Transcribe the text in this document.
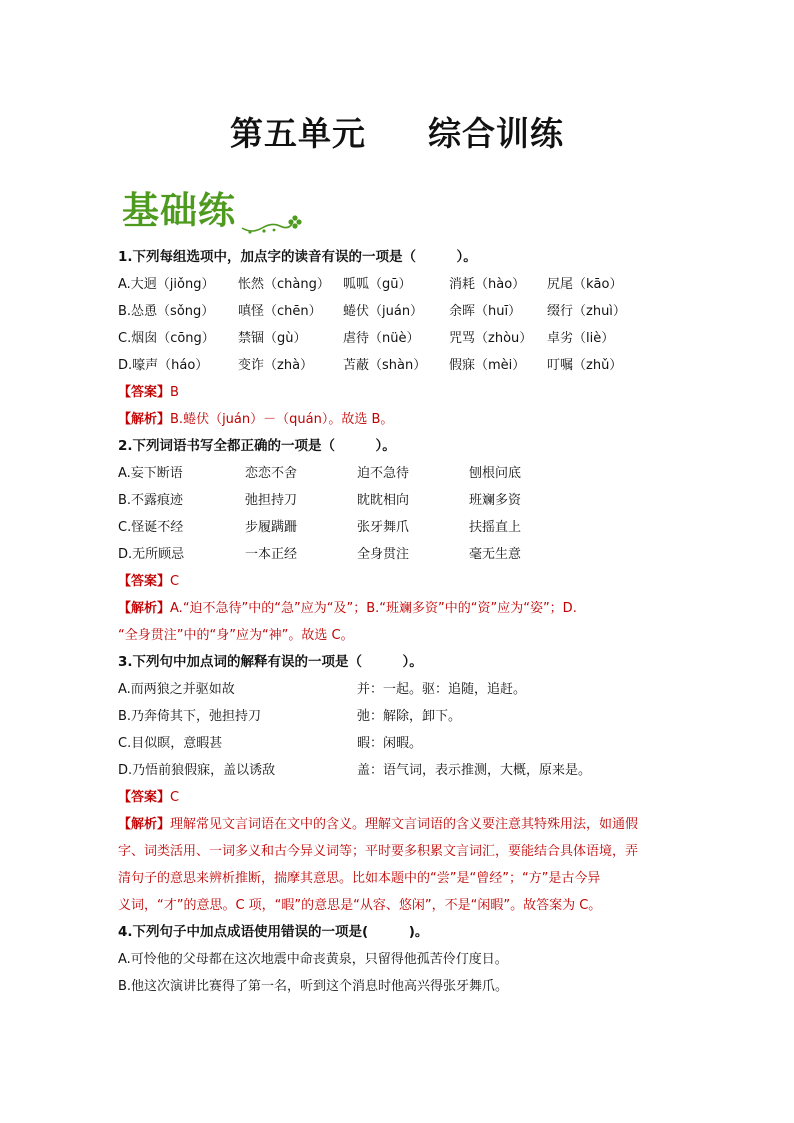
第五单元 综合训练
基础练
1.下列每组选项中，加点字的读音有误的一项是（　　　）。
A.大迥（jiǒng） 怅然（chàng） 呱呱（gū）	消耗（hào） 尻尾（kāo）
B.怂恿（sǒng） 嗔怪（chēn） 蜷伏（juán） 余晖（huī） 缀行（zhuì）
C.烟囱（cōng） 禁锢（gù）	虐待（nüè） 咒骂（zhòu） 卓劣（liè）
D.嚎声（háo） 变诈（zhà） 苫蔽（shàn） 假寐（mèi） 叮嘱（zhǔ）
【答案】B
【解析】B.蜷伏（juán）－（quán）。故选 B。
2.下列词语书写全都正确的一项是（　　　）。
A.妄下断语	恋恋不舍	迫不急待	刨根问底
B.不露痕迹	弛担持刀	眈眈相向	班斓多资
C.怪诞不经	步履蹒跚	张牙舞爪	扶摇直上
D.无所顾忌	一本正经	全身贯注	毫无生意
【答案】C
【解析】A.“迫不急待”中的“急”应为“及”；B.“班斓多资”中的“资”应为“姿”；D.
“全身贯注”中的“身”应为“神”。故选 C。
3.下列句中加点词的解释有误的一项是（　　　）。
A.而两狼之并驱如故	并：一起。驱：追随，追赶。
B.乃奔倚其下，弛担持刀	弛：解除，卸下。
C.目似瞑，意暇甚	暇：闲暇。
D.乃悟前狼假寐，盖以诱敌	盖：语气词，表示推测，大概，原来是。
【答案】C
【解析】理解常见文言词语在文中的含义。理解文言词语的含义要注意其特殊用法，如通假
字、词类活用、一词多义和古今异义词等；平时要多积累文言词汇，要能结合具体语境，弄
清句子的意思来辨析推断，揣摩其意思。比如本题中的“尝”是“曾经”；“方”是古今异
义词，“才”的意思。C 项，“暇”的意思是“从容、悠闲”，不是“闲暇”。故答案为 C。
4.下列句子中加点成语使用错误的一项是(　　　)。
A.可怜他的父母都在这次地震中命丧黄泉，只留得他孤苦伶仃度日。
B.他这次演讲比赛得了第一名，听到这个消息时他高兴得张牙舞爪。
